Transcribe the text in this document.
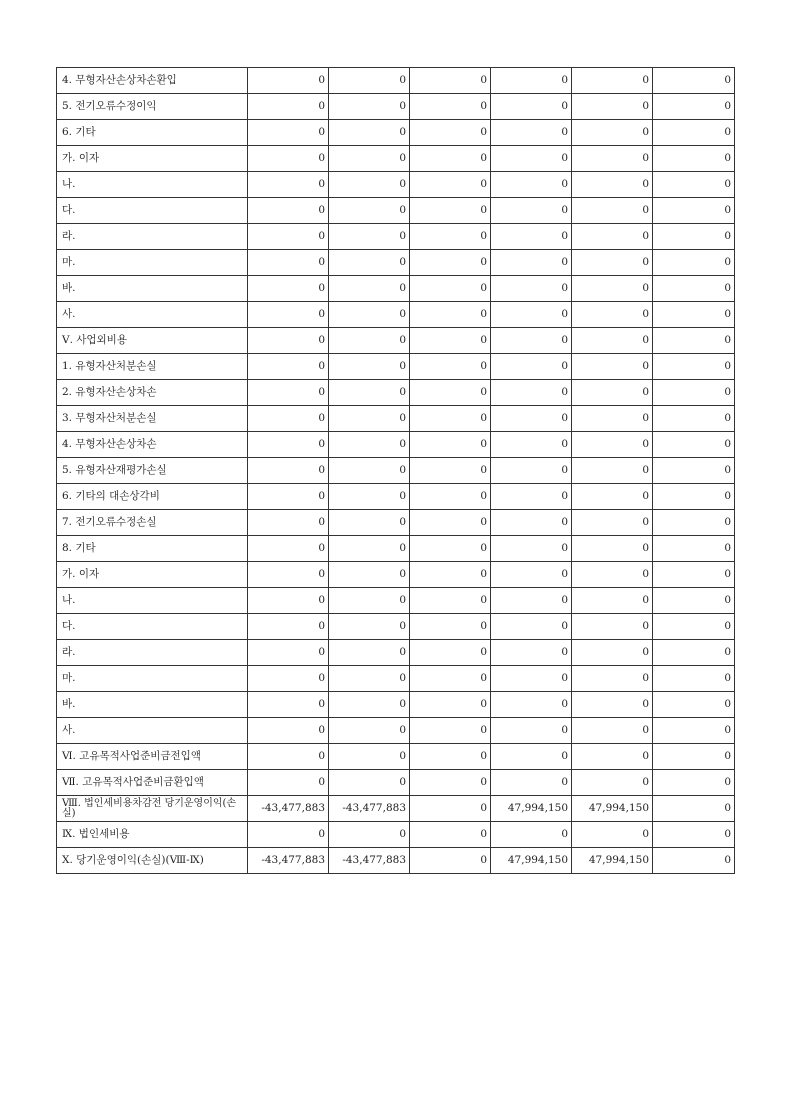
4. 무형자산손상차손환입	0	0	0	0	0	0
5. 전기오류수정이익	0	0	0	0	0	0
6. 기타	0	0	0	0	0	0
가. 이자	0	0	0	0	0	0
나.	0	0	0	0	0	0
다.	0	0	0	0	0	0
라.	0	0	0	0	0	0
마.	0	0	0	0	0	0
바.	0	0	0	0	0	0
사.	0	0	0	0	0	0
Ⅴ. 사업외비용	0	0	0	0	0	0
1. 유형자산처분손실	0	0	0	0	0	0
2. 유형자산손상차손	0	0	0	0	0	0
3. 무형자산처분손실	0	0	0	0	0	0
4. 무형자산손상차손	0	0	0	0	0	0
5. 유형자산재평가손실	0	0	0	0	0	0
6. 기타의 대손상각비	0	0	0	0	0	0
7. 전기오류수정손실	0	0	0	0	0	0
8. 기타	0	0	0	0	0	0
가. 이자	0	0	0	0	0	0
나.	0	0	0	0	0	0
다.	0	0	0	0	0	0
라.	0	0	0	0	0	0
마.	0	0	0	0	0	0
바.	0	0	0	0	0	0
사.	0	0	0	0	0	0
Ⅵ. 고유목적사업준비금전입액	0	0	0	0	0	0
Ⅶ. 고유목적사업준비금환입액	0	0	0	0	0	0
Ⅷ. 법인세비용차감전 당기운영이익(손실)	-43,477,883	-43,477,883	0	47,994,150	47,994,150	0
Ⅸ. 법인세비용	0	0	0	0	0	0
Ⅹ. 당기운영이익(손실)(Ⅷ-Ⅸ)	-43,477,883	-43,477,883	0	47,994,150	47,994,150	0
